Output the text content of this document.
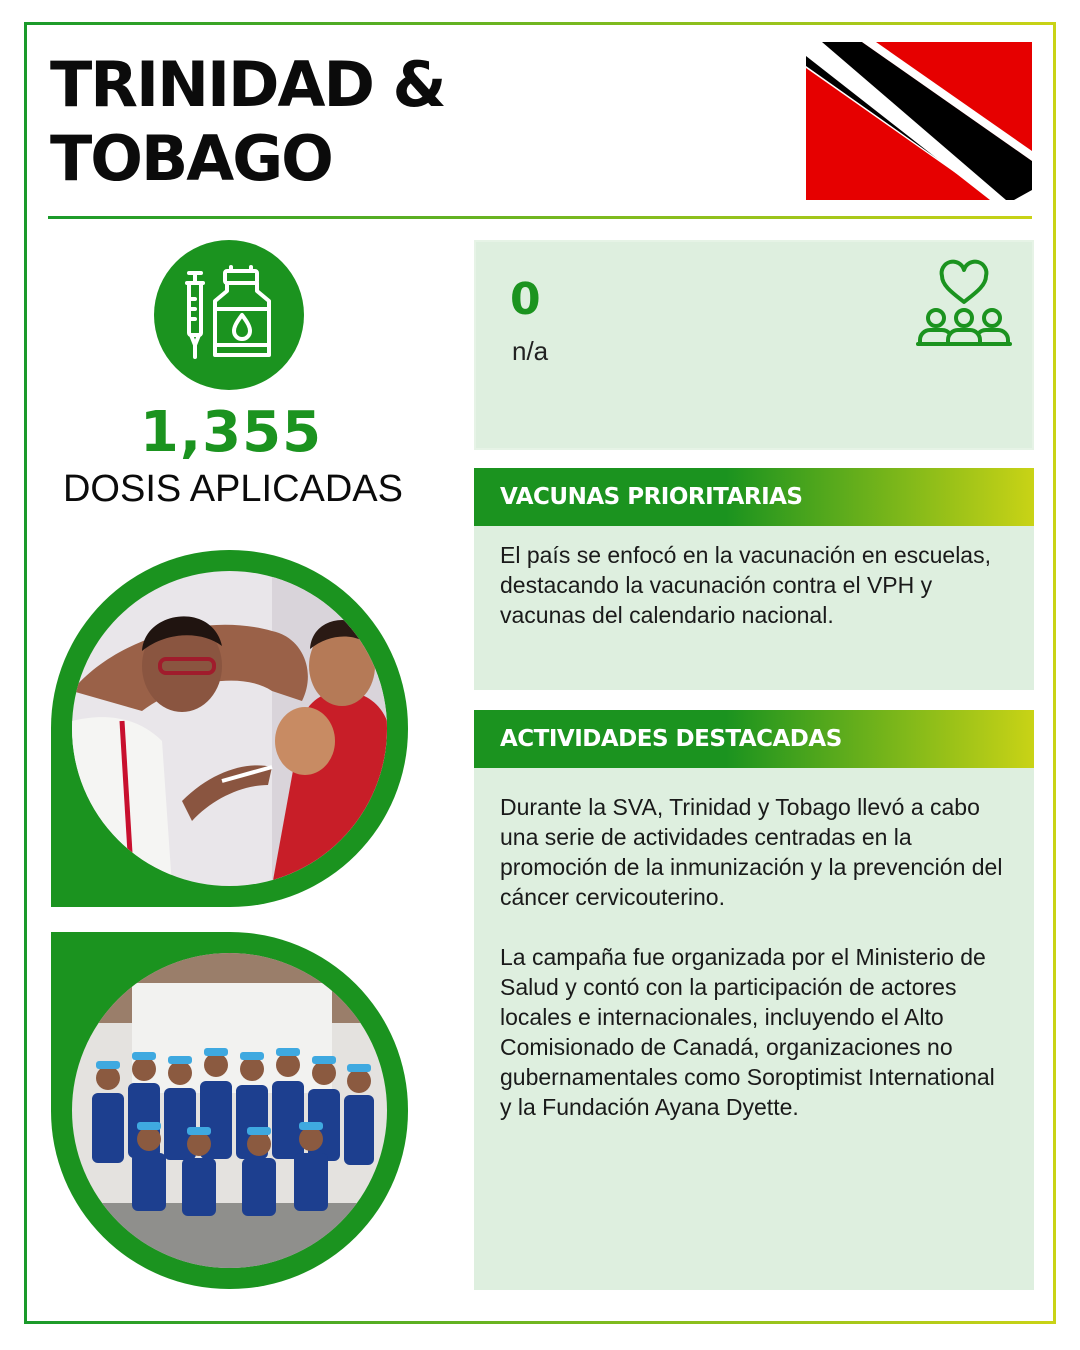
TRINIDAD &
TOBAGO
1,355
DOSIS APLICADAS
0
n/a
VACUNAS PRIORITARIAS

El país se enfocó en la vacunación en escuelas, destacando la vacunación contra el VPH y vacunas del calendario nacional.

ACTIVIDADES DESTACADAS

Durante la SVA, Trinidad y Tobago llevó a cabo una serie de actividades centradas en la promoción de la inmunización y la prevención del cáncer cervicouterino.

La campaña fue organizada por el Ministerio de Salud y contó con la participación de actores locales e internacionales, incluyendo el Alto Comisionado de Canadá, organizaciones no gubernamentales como Soroptimist International y la Fundación Ayana Dyette.
